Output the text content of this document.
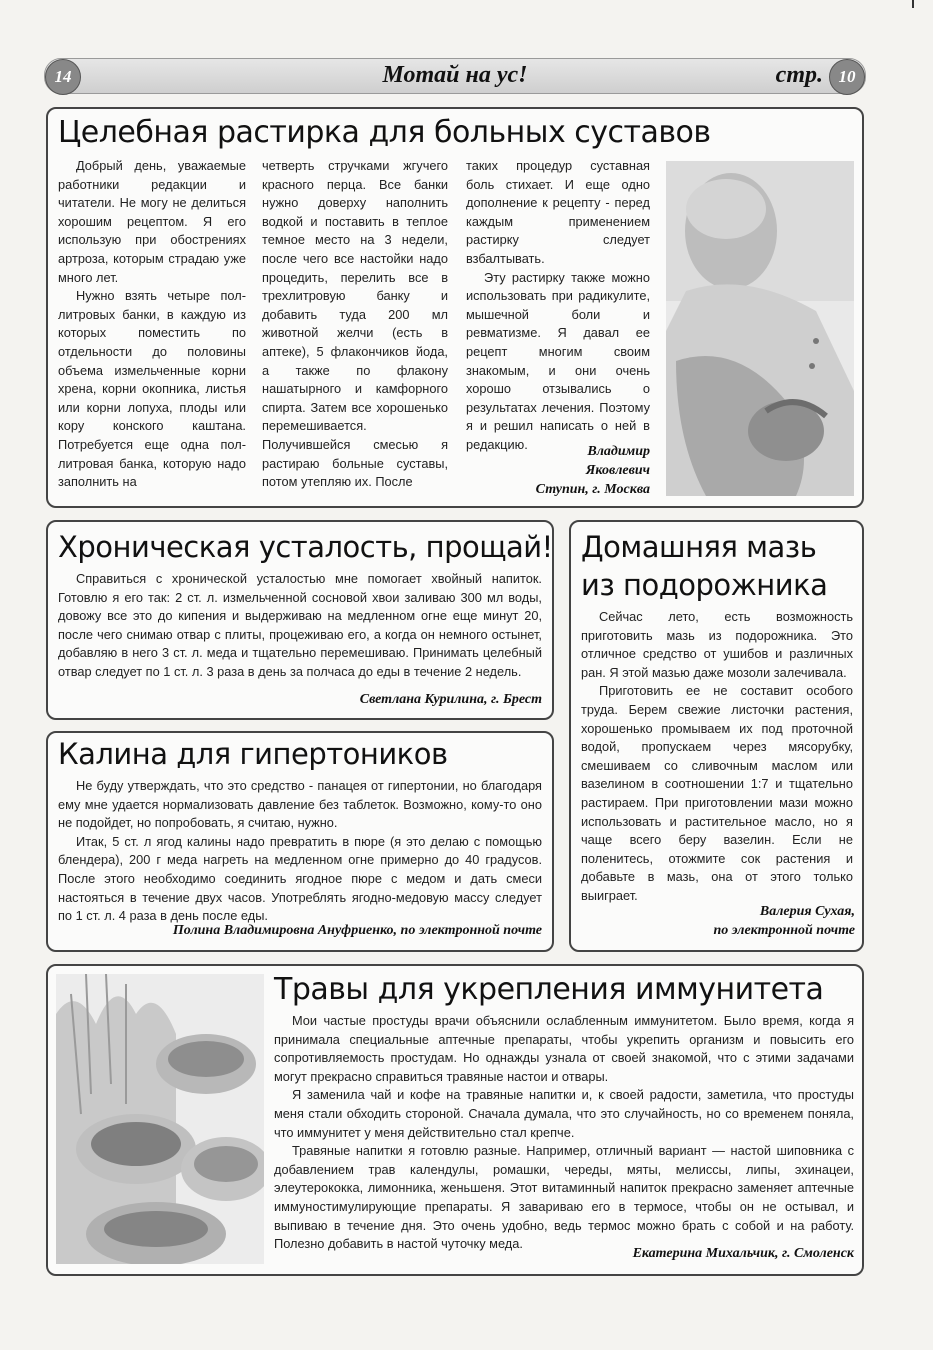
14	Мотай на ус!	стр. 10
Целебная растирка для больных суставов

Добрый день, уважаемые работники редакции и читатели. Не могу не делиться хорошим рецептом. Я его использую при обострениях артроза, которым страдаю уже много лет.

Нужно взять четыре пол-литровых банки, в каждую из которых поместить по отдельности до половины объема измельченные корни хрена, корни окопника, листья или корни лопуха, плоды или кору конского каштана. Потребуется еще одна пол-литровая банка, которую надо заполнить на

четверть стручками жгучего красного перца. Все банки нужно доверху наполнить водкой и поставить в теплое темное место на 3 недели, после чего все настойки надо процедить, перелить все в трехлитровую банку и добавить туда 200 мл животной желчи (есть в аптеке), 5 флакончиков йода, а также по флакону нашатырного и камфорного спирта. Затем все хорошенько перемешивается. Получившейся смесью я растираю больные суставы, потом утепляю их. После

таких процедур суставная боль стихает. И еще одно дополнение к рецепту - перед каждым применением растирку следует взбалтывать.

Эту растирку также можно использовать при радикулите, мышечной боли и ревматизме. Я давал ее рецепт многим своим знакомым, и они очень хорошо отзывались о результатах лечения. Поэтому я и решил написать о ней в редакцию.	Владимир
Яковлевич
Ступин, г. Москва
Хроническая усталость, прощай!

Справиться с хронической усталостью мне помогает хвойный напиток. Готовлю я его так: 2 ст. л. измельченной сосновой хвои заливаю 300 мл воды, довожу все это до кипения и выдерживаю на медленном огне еще минут 20, после чего снимаю отвар с плиты, процеживаю его, а когда он немного остынет, добавляю в него 3 ст. л. меда и тщательно перемешиваю. Принимать целебный отвар следует по 1 ст. л. 3 раза в день за полчаса до еды в течение 2 недель.

Светлана Курилина, г. Брест
Калина для гипертоников

Не буду утверждать, что это средство - панацея от гипертонии, но благодаря ему мне удается нормализовать давление без таблеток. Возможно, кому-то оно не подойдет, но попробовать, я считаю, нужно.

Итак, 5 ст. л ягод калины надо превратить в пюре (я это делаю с помощью блендера), 200 г меда нагреть на медленном огне примерно до 40 градусов. После этого необходимо соединить ягодное пюре с медом и дать смеси настояться в течение двух часов. Употреблять ягодно-медовую массу следует по 1 ст. л. 4 раза в день после еды.

Полина Владимировна Ануфриенко, по электронной почте
Домашняя мазь
из подорожника

Сейчас лето, есть возможность приготовить мазь из подорожника. Это отличное средство от ушибов и различных ран. Я этой мазью даже мозоли залечивала.

Приготовить ее не составит особого труда. Берем свежие листочки растения, хорошенько промываем их под проточной водой, пропускаем через мясорубку, смешиваем со сливочным маслом или вазелином в соотношении 1:7 и тщательно растираем. При приготовлении мази можно использовать и растительное масло, но я чаще всего беру вазелин. Если не поленитесь, отожмите сок растения и добавьте в мазь, она от этого только выиграет.

Валерия Сухая,
по электронной почте
Травы для укрепления иммунитета

Мои частые простуды врачи объяснили ослабленным иммунитетом. Было время, когда я принимала специальные аптечные препараты, чтобы укрепить организм и повысить его сопротивляемость простудам. Но однажды узнала от своей знакомой, что с этими задачами могут прекрасно справиться травяные настои и отвары.

Я заменила чай и кофе на травяные напитки и, к своей радости, заметила, что простуды меня стали обходить стороной. Сначала думала, что это случайность, но со временем поняла, что иммунитет у меня действительно стал крепче.

Травяные напитки я готовлю разные. Например, отличный вариант — настой шиповника с добавлением трав календулы, ромашки, череды, мяты, мелиссы, липы, эхинацеи, элеутерококка, лимонника, женьшеня. Этот витаминный напиток прекрасно заменяет аптечные иммуностимулирующие препараты. Я завариваю его в термосе, чтобы он не остывал, и выпиваю в течение дня. Это очень удобно, ведь термос можно брать с собой и на работу. Полезно добавить в настой чуточку меда.

Екатерина Михальчик, г. Смоленск
